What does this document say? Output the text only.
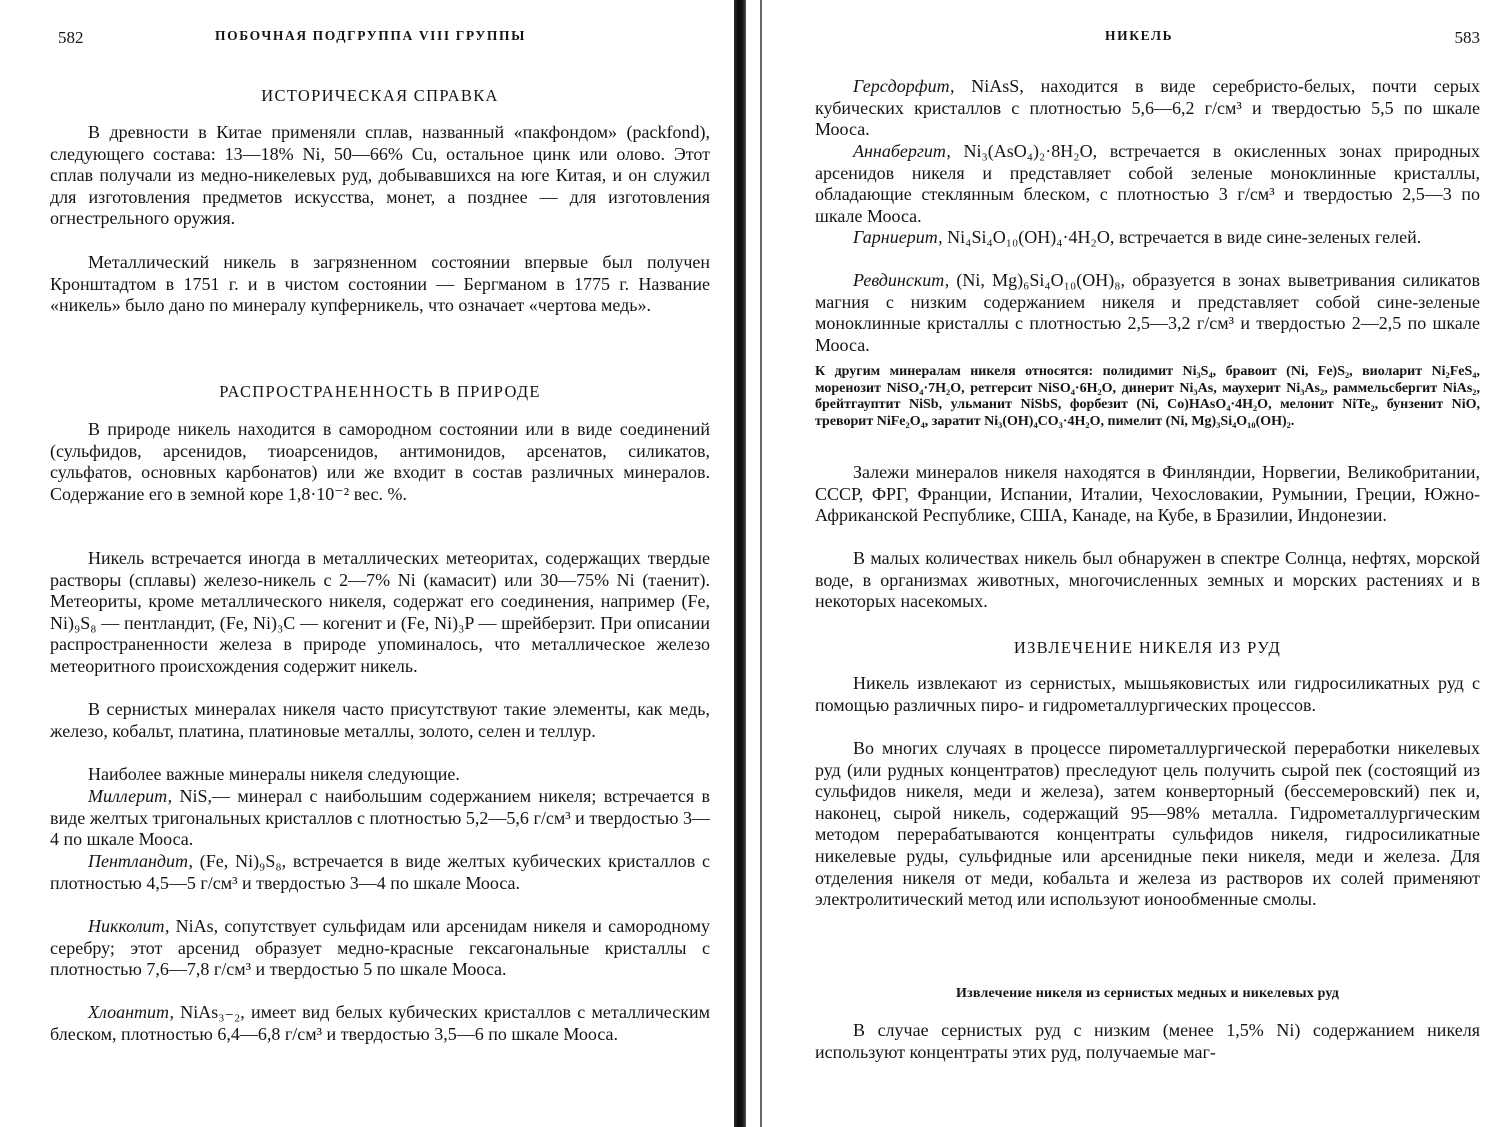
582	ПОБОЧНАЯ ПОДГРУППА VIII ГРУППЫ
ИСТОРИЧЕСКАЯ СПРАВКА

В древности в Китае применяли сплав, названный «пакфондом» (packfond), следующего состава: 13—18% Ni, 50—66% Cu, остальное цинк или олово. Этот сплав получали из медно-никелевых руд, добывавшихся на юге Китая, и он служил для изготовления предметов искусства, монет, а позднее — для изготовления огнестрельного оружия.

Металлический никель в загрязненном состоянии впервые был получен Кронштадтом в 1751 г. и в чистом состоянии — Бергманом в 1775 г. Название «никель» было дано по минералу купферникель, что означает «чертова медь».

РАСПРОСТРАНЕННОСТЬ В ПРИРОДЕ

В природе никель находится в самородном состоянии или в виде соединений (сульфидов, арсенидов, тиоарсенидов, антимонидов, арсенатов, силикатов, сульфатов, основных карбонатов) или же входит в состав различных минералов. Содержание его в земной коре 1,8·10⁻² вес. %.

Никель встречается иногда в металлических метеоритах, содержащих твердые растворы (сплавы) железо-никель с 2—7% Ni (камасит) или 30—75% Ni (таенит). Метеориты, кроме металлического никеля, содержат его соединения, например (Fe, Ni)₉S₈ — пентландит, (Fe, Ni)₃C — когенит и (Fe, Ni)₃P — шрейберзит. При описании распространенности железа в природе упоминалось, что металлическое железо метеоритного происхождения содержит никель.

В сернистых минералах никеля часто присутствуют такие элементы, как медь, железо, кобальт, платина, платиновые металлы, золото, селен и теллур.

Наиболее важные минералы никеля следующие.

Миллерит, NiS,— минерал с наибольшим содержанием никеля; встречается в виде желтых тригональных кристаллов с плотностью 5,2—5,6 г/см³ и твердостью 3—4 по шкале Мооса.

Пентландит, (Fe, Ni)₉S₈, встречается в виде желтых кубических кристаллов с плотностью 4,5—5 г/см³ и твердостью 3—4 по шкале Мооса.

Никколит, NiAs, сопутствует сульфидам или арсенидам никеля и самородному серебру; этот арсенид образует медно-красные гексагональные кристаллы с плотностью 7,6—7,8 г/см³ и твердостью 5 по шкале Мооса.

Хлоантит, NiAs₃₋₂, имеет вид белых кубических кристаллов с металлическим блеском, плотностью 6,4—6,8 г/см³ и твердостью 3,5—6 по шкале Мооса.

НИКЕЛЬ	583

Герсдорфит, NiAsS, находится в виде серебристо-белых, почти серых кубических кристаллов с плотностью 5,6—6,2 г/см³ и твердостью 5,5 по шкале Мооса.

Аннабергит, Ni₃(AsO₄)₂·8H₂O, встречается в окисленных зонах природных арсенидов никеля и представляет собой зеленые моноклинные кристаллы, обладающие стеклянным блеском, с плотностью 3 г/см³ и твердостью 2,5—3 по шкале Мооса.

Гарниерит, Ni₄Si₄O₁₀(OH)₄·4H₂O, встречается в виде сине-зеленых гелей.

Ревдинскит, (Ni, Mg)₆Si₄O₁₀(OH)₈, образуется в зонах выветривания силикатов магния с низким содержанием никеля и представляет собой сине-зеленые моноклинные кристаллы с плотностью 2,5—3,2 г/см³ и твердостью 2—2,5 по шкале Мооса.

К другим минералам никеля относятся: полидимит Ni₃S₄, бравоит (Ni, Fe)S₂, виоларит Ni₂FeS₄, моренозит NiSO₄·7H₂O, ретгерсит NiSO₄·6H₂O, динерит Ni₃As, маухерит Ni₃As₂, раммельсбергит NiAs₂, брейтгауптит NiSb, ульманит NiSbS, форбезит (Ni, Co)HAsO₄·4H₂O, мелонит NiTe₂, бунзенит NiO, треворит NiFe₂O₄, заратит Ni₃(OH)₄CO₃·4H₂O, пимелит (Ni, Mg)₃Si₄O₁₀(OH)₂.

Залежи минералов никеля находятся в Финляндии, Норвегии, Великобритании, СССР, ФРГ, Франции, Испании, Италии, Чехословакии, Румынии, Греции, Южно-Африканской Республике, США, Канаде, на Кубе, в Бразилии, Индонезии.

В малых количествах никель был обнаружен в спектре Солнца, нефтях, морской воде, в организмах животных, многочисленных земных и морских растениях и в некоторых насекомых.

ИЗВЛЕЧЕНИЕ НИКЕЛЯ ИЗ РУД

Никель извлекают из сернистых, мышьяковистых или гидросиликатных руд с помощью различных пиро- и гидрометаллургических процессов.

Во многих случаях в процессе пирометаллургической переработки никелевых руд (или рудных концентратов) преследуют цель получить сырой пек (состоящий из сульфидов никеля, меди и железа), затем конверторный (бессемеровский) пек и, наконец, сырой никель, содержащий 95—98% металла. Гидрометаллургическим методом перерабатываются концентраты сульфидов никеля, гидросиликатные никелевые руды, сульфидные или арсенидные пеки никеля, меди и железа. Для отделения никеля от меди, кобальта и железа из растворов их солей применяют электролитический метод или используют ионообменные смолы.

Извлечение никеля из сернистых медных и никелевых руд

В случае сернистых руд с низким (менее 1,5% Ni) содержанием никеля используют концентраты этих руд, получаемые маг-
